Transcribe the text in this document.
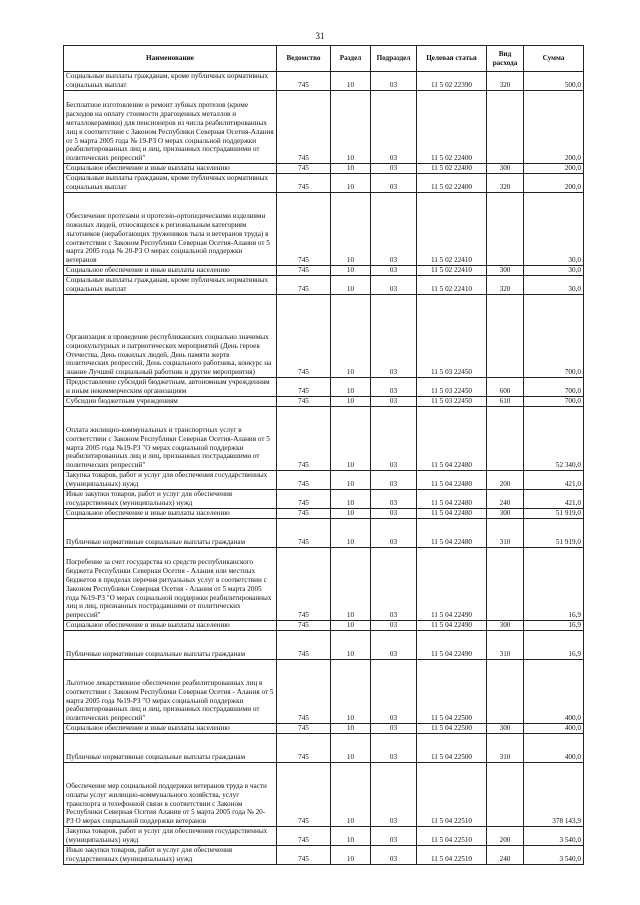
31
Наименование	Ведомство	Раздел	Подраздел	Целевая статья	Вид расхода	Сумма
Социальные выплаты гражданам, кроме публичных нормативных социальных выплат	745	10	03	11 5 02 22390	320	500,0
Бесплатное изготовление и ремонт зубных протезов (кроме расходов на оплату стоимости драгоценных металлов и металлокерамики) для пенсионеров из числа реабилитированных лиц в соответствие с Законом Республики Северная Осетия-Алания от 5 марта 2005 года № 19-РЗ О мерах социальной поддержки реабилитированных лиц и лиц, признанных пострадавшими от политических репрессий"	745	10	03	11 5 02 22400		200,0
Социальное обеспечение и иные выплаты населению	745	10	03	11 5 02 22400	300	200,0
Социальные выплаты гражданам, кроме публичных нормативных социальных выплат	745	10	03	11 5 02 22400	320	200,0
Обеспечение протезами и протезно-ортопедическими изделиями пожилых людей, относящихся к региональным категориям льготников (неработающих тружеников тыла и ветеранов труда) в соответствии с Законом Республики Северная Осетия-Алания от 5 марта 2005 года № 20-РЗ О мерах социальной поддержки ветеранов	745	10	03	11 5 02 22410		30,0
Социальное обеспечение и иные выплаты населению	745	10	03	11 5 02 22410	300	30,0
Социальные выплаты гражданам, кроме публичных нормативных социальных выплат	745	10	03	11 5 02 22410	320	30,0
Организация и проведение республиканских социально значимых социокультурных и патриотических мероприятий (День героев Отечества, День пожилых людей, День памяти жертв политических репрессий, День социального работника, конкурс на знание Лучший социальный работник и другие мероприятия)	745	10	03	11 5 03 22450		700,0
Предоставление субсидий бюджетным, автономным учреждениям и иным некоммерческим организациям	745	10	03	11 5 03 22450	600	700,0
Субсидии бюджетным учреждениям	745	10	03	11 5 03 22450	610	700,0
Оплата жилищно-коммунальных и транспортных услуг в соответствии с Законом Республики Северная Осетия-Алания от 5 марта 2005 года №19-РЗ "О мерах социальной поддержки реабилитированных лиц и лиц, признанных пострадавшими от политических репрессий"	745	10	03	11 5 04 22480		52 340,0
Закупка товаров, работ и услуг для обеспечения государственных (муниципальных) нужд	745	10	03	11 5 04 22480	200	421,0
Иные закупки товаров, работ и услуг для обеспечения государственных (муниципальных) нужд	745	10	03	11 5 04 22480	240	421,0
Социальное обеспечение и иные выплаты населению	745	10	03	11 5 04 22480	300	51 919,0
Публичные нормативные социальные выплаты гражданам	745	10	03	11 5 04 22480	310	51 919,0
Погребение за счет государства из средств республиканского бюджета Республики Северная Осетия - Алания или местных бюджетов в пределах перечня ритуальных услуг в соответствии с Законом Республики Северная Осетия - Алания от 5 марта 2005 года №19-РЗ "О мерах социальной поддержки реабилитированных лиц и лиц, признанных пострадавшими от политических репрессий"	745	10	03	11 5 04 22490		16,9
Социальное обеспечение и иные выплаты населению	745	10	03	11 5 04 22490	300	16,9
Публичные нормативные социальные выплаты гражданам	745	10	03	11 5 04 22490	310	16,9
Льготное лекарственное обеспечение реабилитированных лиц в соответствии с Законом Республики Северная Осетия - Алания от 5 марта 2005 года №19-РЗ "О мерах социальной поддержки реабилитированных лиц и лиц, признанных пострадавшими от политических репрессий"	745	10	03	11 5 04 22500		400,0
Социальное обеспечение и иные выплаты населению	745	10	03	11 5 04 22500	300	400,0
Публичные нормативные социальные выплаты гражданам	745	10	03	11 5 04 22500	310	400,0
Обеспечение мер социальной поддержки ветеранов труда в части оплаты услуг жилищно-коммунального хозяйства, услуг транспорта и телефонной связи в соответствии с Законом Республики Северная Осетия Алания от 5 марта 2005 года № 20- РЗ О мерах социальной поддержки ветеранов	745	10	03	11 5 04 22510		378 143,9
Закупка товаров, работ и услуг для обеспечения государственных (муниципальных) нужд	745	10	03	11 5 04 22510	200	3 540,0
Иные закупки товаров, работ и услуг для обеспечения государственных (муниципальных) нужд	745	10	03	11 5 04 22510	240	3 540,0
